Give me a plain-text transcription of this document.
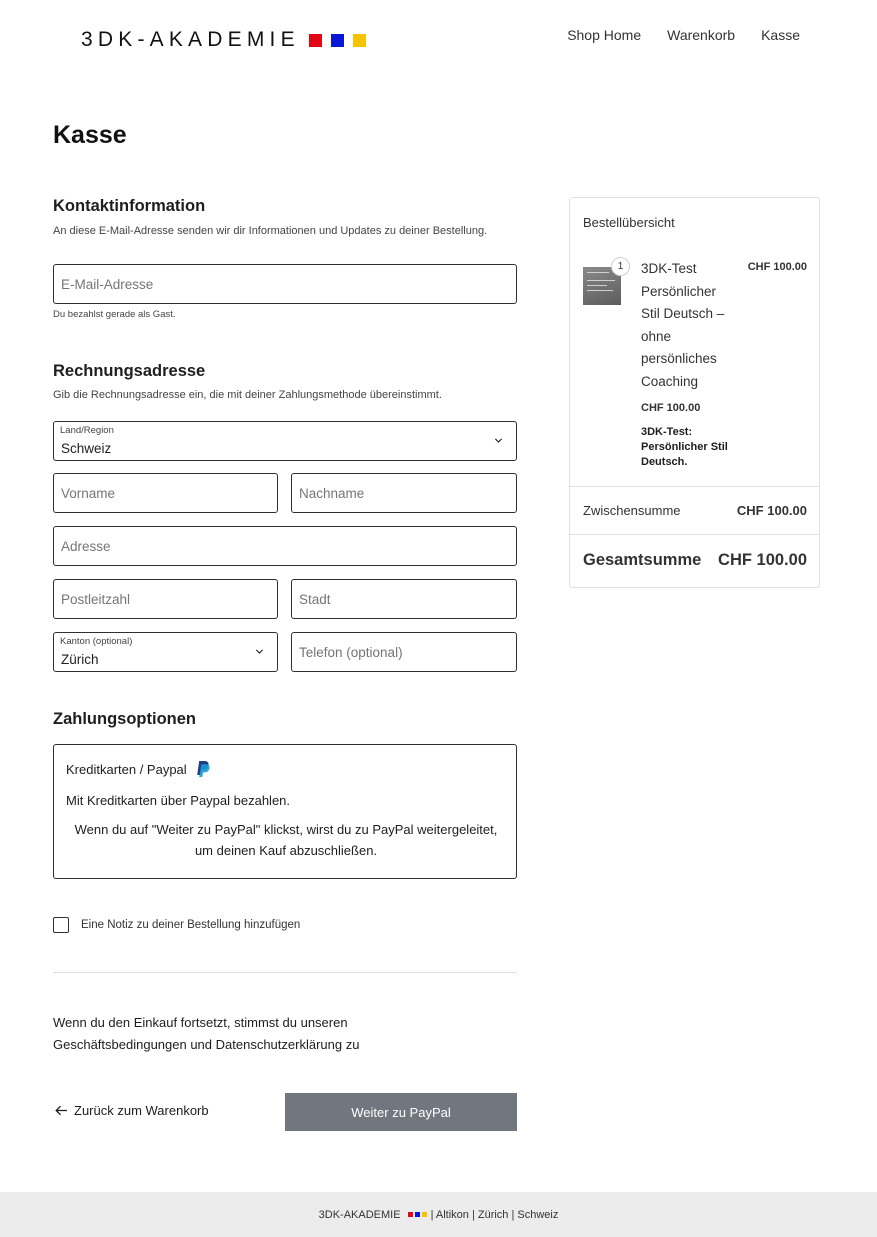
3DK-AKADEMIE	Shop Home Warenkorb Kasse
Kasse
Kontaktinformation

An diese E-Mail-Adresse senden wir dir Informationen und Updates zu deiner Bestellung.

E-Mail-Adresse

Du bezahlst gerade als Gast.

Rechnungsadresse

Gib die Rechnungsadresse ein, die mit deiner Zahlungsmethode übereinstimmt.

Land/Region
Schweiz
Vorname
Nachname
Adresse
Postleitzahl
Stadt
Kanton (optional)
Zürich
Telefon (optional)
Zahlungsoptionen
Kreditkarten / Paypal

Mit Kreditkarten über Paypal bezahlen.

Wenn du auf "Weiter zu PayPal" klickst, wirst du zu PayPal weitergeleitet, um deinen Kauf abzuschließen.

Eine Notiz zu deiner Bestellung hinzufügen

Wenn du den Einkauf fortsetzt, stimmst du unseren Geschäftsbedingungen und Datenschutzerklärung zu

Zurück zum Warenkorb	Weiter zu PayPal

Bestellübersicht

1	3DK-Test Persönlicher Stil Deutsch – ohne persönliches Coaching

CHF 100.00

CHF 100.00

3DK-Test: Persönlicher Stil Deutsch.

Zwischensumme	CHF 100.00

Gesamtsumme CHF 100.00

3DK-AKADEMIE	| Altikon | Zürich | Schweiz
